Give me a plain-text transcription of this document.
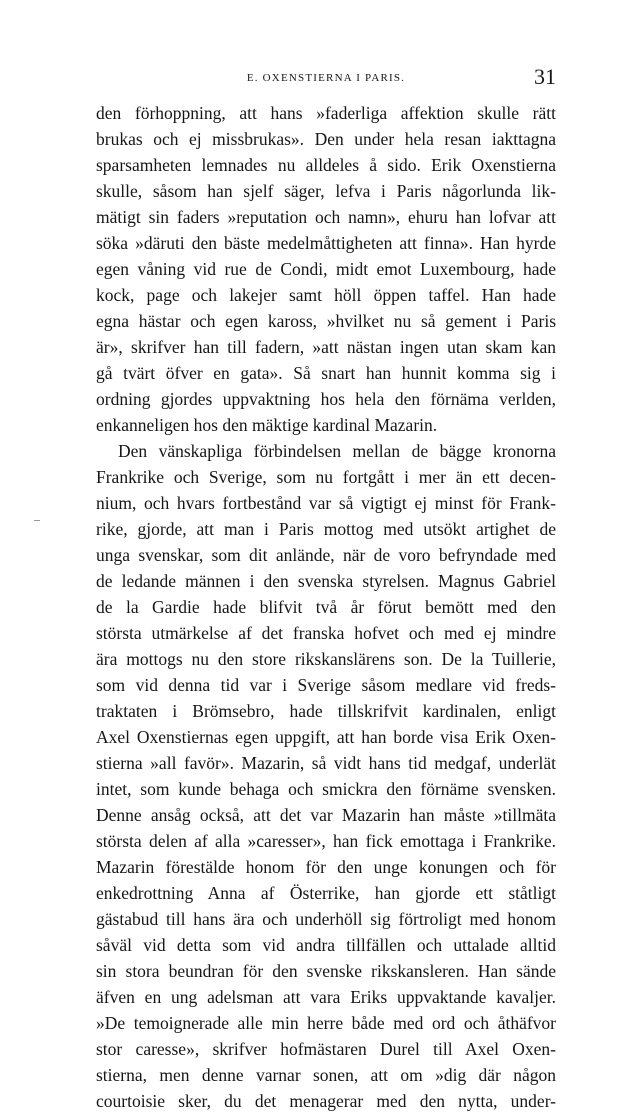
E. OXENSTIERNA I PARIS.	31
den förhoppning, att hans »faderliga affektion skulle rätt
brukas och ej missbrukas». Den under hela resan iakttagna
sparsamheten lemnades nu alldeles å sido. Erik Oxenstierna
skulle, såsom han sjelf säger, lefva i Paris någorlunda lik-
mätigt sin faders »reputation och namn», ehuru han lofvar att
söka »däruti den bäste medelmåttigheten att finna». Han hyrde
egen våning vid rue de Condi, midt emot Luxembourg, hade
kock, page och lakejer samt höll öppen taffel. Han hade
egna hästar och egen kaross, »hvilket nu så gement i Paris
är», skrifver han till fadern, »att nästan ingen utan skam kan
gå tvärt öfver en gata». Så snart han hunnit komma sig i
ordning gjordes uppvaktning hos hela den förnäma verlden,
enkanneligen hos den mäktige kardinal Mazarin.
Den vänskapliga förbindelsen mellan de bägge kronorna
Frankrike och Sverige, som nu fortgått i mer än ett decen-
nium, och hvars fortbestånd var så vigtigt ej minst för Frank-
rike, gjorde, att man i Paris mottog med utsökt artighet de
unga svenskar, som dit anlände, när de voro befryndade med
de ledande männen i den svenska styrelsen. Magnus Gabriel
de la Gardie hade blifvit två år förut bemött med den
största utmärkelse af det franska hofvet och med ej mindre
ära mottogs nu den store rikskanslärens son. De la Tuillerie,
som vid denna tid var i Sverige såsom medlare vid freds-
traktaten i Brömsebro, hade tillskrifvit kardinalen, enligt
Axel Oxenstiernas egen uppgift, att han borde visa Erik Oxen-
stierna »all favör». Mazarin, så vidt hans tid medgaf, underlät
intet, som kunde behaga och smickra den förnäme svensken.
Denne ansåg också, att det var Mazarin han måste »tillmäta
största delen af alla »caresser», han fick emottaga i Frankrike.
Mazarin förestälde honom för den unge konungen och för
enkedrottning Anna af Österrike, han gjorde ett ståtligt
gästabud till hans ära och underhöll sig förtroligt med honom
såväl vid detta som vid andra tillfällen och uttalade alltid
sin stora beundran för den svenske rikskansleren. Han sände
äfven en ung adelsman att vara Eriks uppvaktande kavaljer.
»De temoignerade alle min herre både med ord och åthäfvor
stor caresse», skrifver hofmästaren Durel till Axel Oxen-
stierna, men denne varnar sonen, att om »dig där någon
courtoisie sker, du det menagerar med den nytta, under-
